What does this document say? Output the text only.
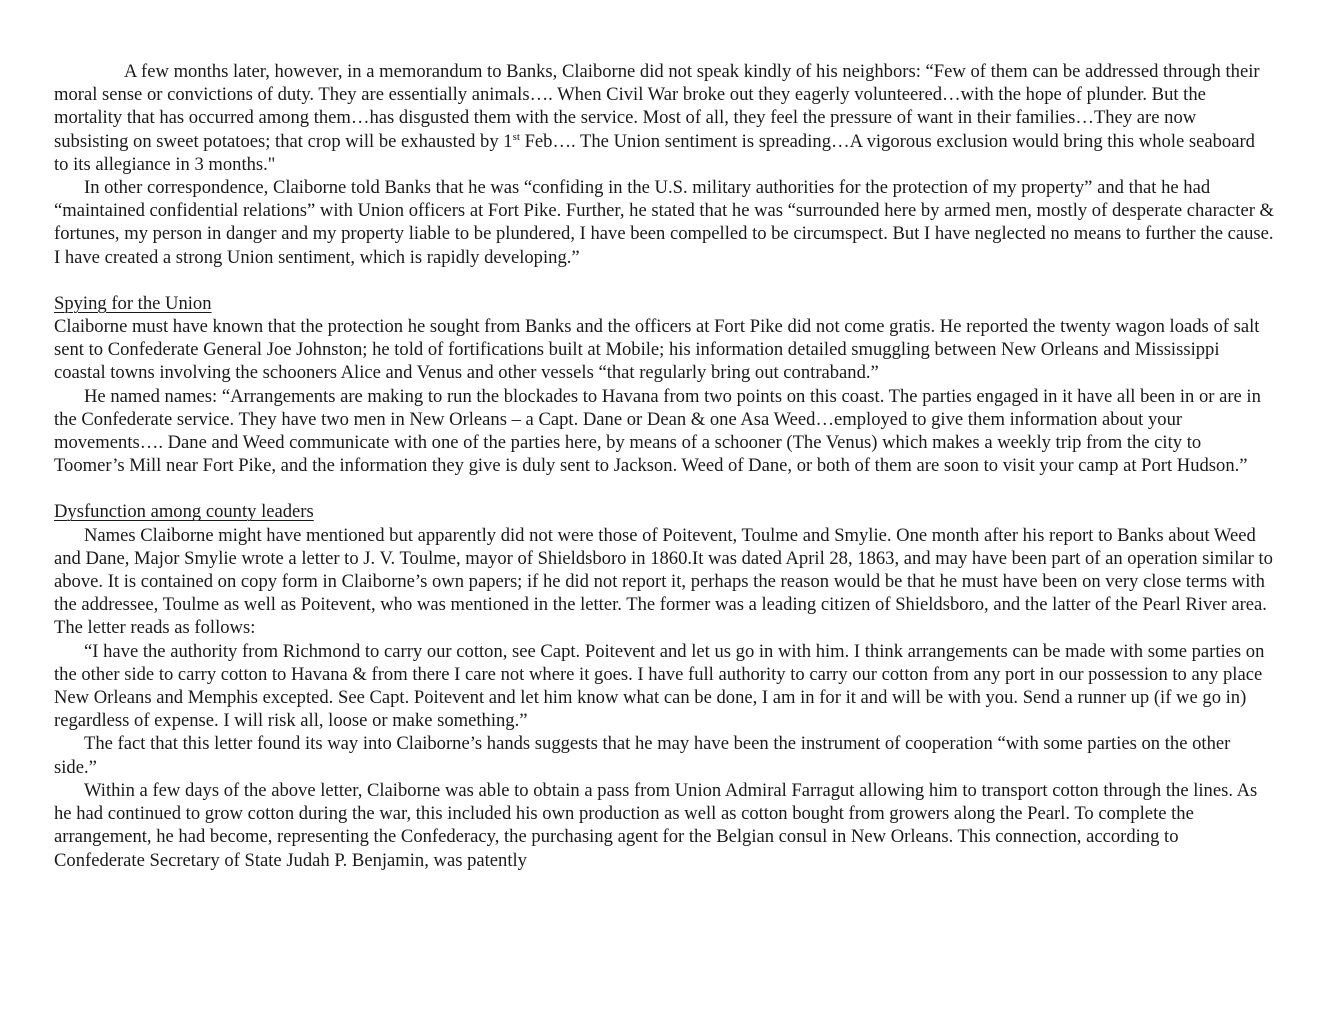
A few months later, however, in a memorandum to Banks, Claiborne did not speak kindly of his neighbors: “Few of them can be addressed through their moral sense or convictions of duty. They are essentially animals…. When Civil War broke out they eagerly volunteered…with the hope of plunder. But the mortality that has occurred among them…has disgusted them with the service. Most of all, they feel the pressure of want in their families…They are now subsisting on sweet potatoes; that crop will be exhausted by 1st Feb…. The Union sentiment is spreading…A vigorous exclusion would bring this whole seaboard to its allegiance in 3 months."

In other correspondence, Claiborne told Banks that he was “confiding in the U.S. military authorities for the protection of my property” and that he had “maintained confidential relations” with Union officers at Fort Pike. Further, he stated that he was “surrounded here by armed men, mostly of desperate character & fortunes, my person in danger and my property liable to be plundered, I have been compelled to be circumspect. But I have neglected no means to further the cause. I have created a strong Union sentiment, which is rapidly developing.”

Spying for the Union

Claiborne must have known that the protection he sought from Banks and the officers at Fort Pike did not come gratis. He reported the twenty wagon loads of salt sent to Confederate General Joe Johnston; he told of fortifications built at Mobile; his information detailed smuggling between New Orleans and Mississippi coastal towns involving the schooners Alice and Venus and other vessels “that regularly bring out contraband.”

He named names: “Arrangements are making to run the blockades to Havana from two points on this coast. The parties engaged in it have all been in or are in the Confederate service. They have two men in New Orleans – a Capt. Dane or Dean & one Asa Weed…employed to give them information about your movements…. Dane and Weed communicate with one of the parties here, by means of a schooner (The Venus) which makes a weekly trip from the city to Toomer’s Mill near Fort Pike, and the information they give is duly sent to Jackson. Weed of Dane, or both of them are soon to visit your camp at Port Hudson.”

Dysfunction among county leaders

Names Claiborne might have mentioned but apparently did not were those of Poitevent, Toulme and Smylie. One month after his report to Banks about Weed and Dane, Major Smylie wrote a letter to J. V. Toulme, mayor of Shieldsboro in 1860.It was dated April 28, 1863, and may have been part of an operation similar to above. It is contained on copy form in Claiborne’s own papers; if he did not report it, perhaps the reason would be that he must have been on very close terms with the addressee, Toulme as well as Poitevent, who was mentioned in the letter. The former was a leading citizen of Shieldsboro, and the latter of the Pearl River area. The letter reads as follows:

“I have the authority from Richmond to carry our cotton, see Capt. Poitevent and let us go in with him. I think arrangements can be made with some parties on the other side to carry cotton to Havana & from there I care not where it goes. I have full authority to carry our cotton from any port in our possession to any place New Orleans and Memphis excepted. See Capt. Poitevent and let him know what can be done, I am in for it and will be with you. Send a runner up (if we go in) regardless of expense. I will risk all, loose or make something.”

The fact that this letter found its way into Claiborne’s hands suggests that he may have been the instrument of cooperation “with some parties on the other side.”

Within a few days of the above letter, Claiborne was able to obtain a pass from Union Admiral Farragut allowing him to transport cotton through the lines. As he had continued to grow cotton during the war, this included his own production as well as cotton bought from growers along the Pearl. To complete the arrangement, he had become, representing the Confederacy, the purchasing agent for the Belgian consul in New Orleans. This connection, according to Confederate Secretary of State Judah P. Benjamin, was patently
